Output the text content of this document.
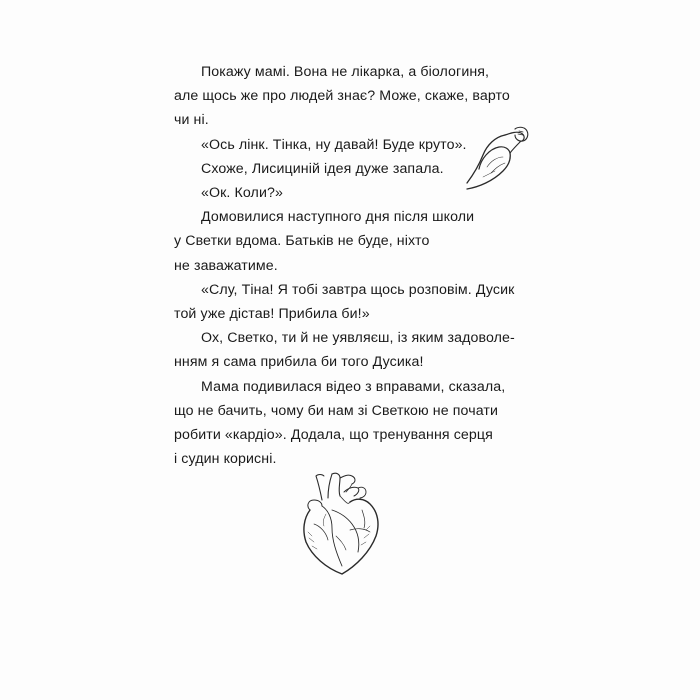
Покажу мамі. Вона не лікарка, а біологиня,
але щось же про людей знає? Може, скаже, варто
чи ні.
«Ось лінк. Тінка, ну давай! Буде круто».
Схоже, Лисициній ідея дуже запала.
«Ок. Коли?»
Домовилися наступного дня після школи
у Светки вдома. Батьків не буде, ніхто
не заважатиме.
«Слу, Тіна! Я тобі завтра щось розповім. Дусик
той уже дістав! Прибила би!»
Ох, Светко, ти й не уявляєш, із яким задоволе-
нням я сама прибила би того Дусика!
Мама подивилася відео з вправами, сказала,
що не бачить, чому би нам зі Светкою не почати
робити «кардіо». Додала, що тренування серця
і судин корисні.
